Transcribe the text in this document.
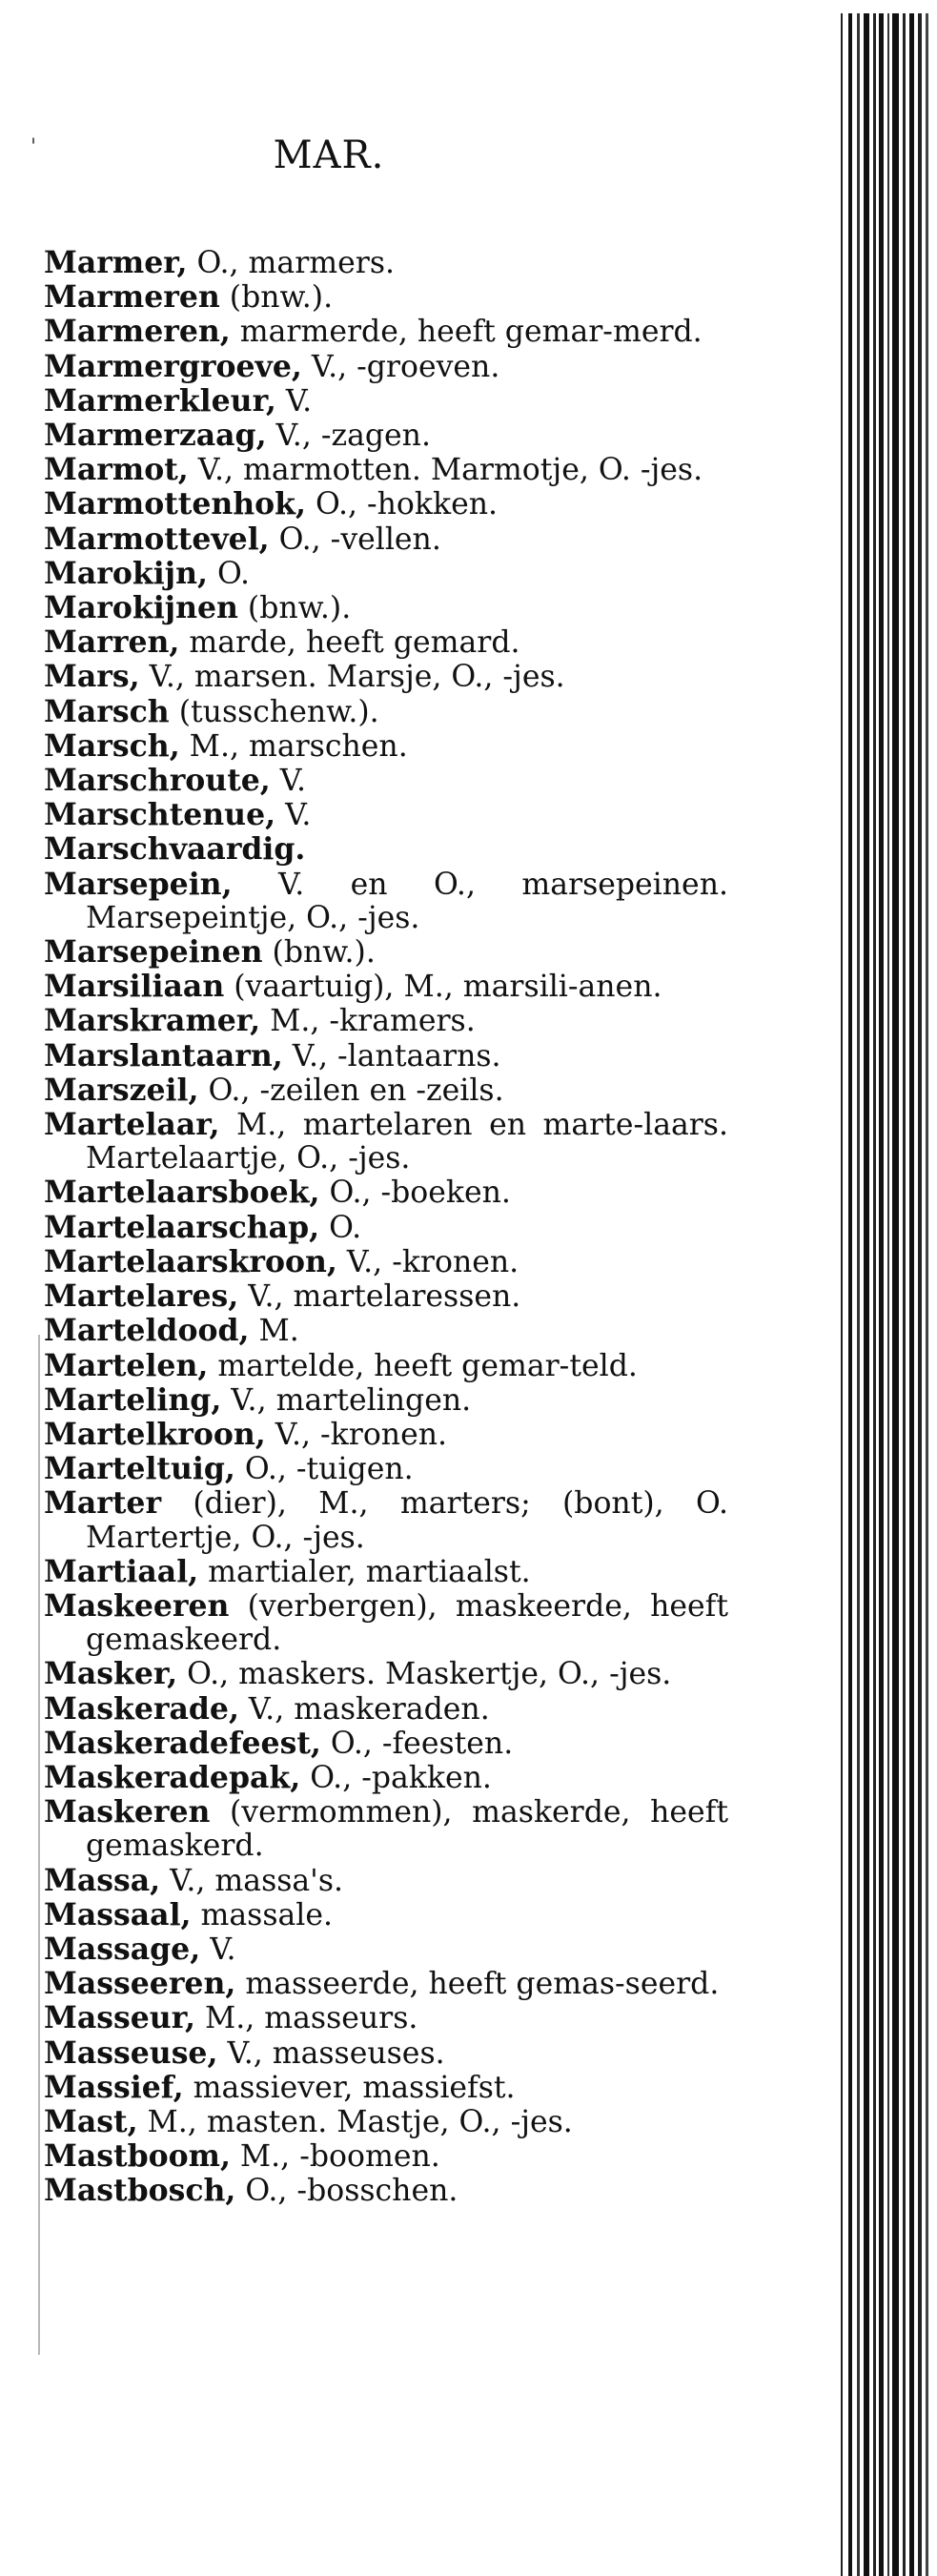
'	MAR.
Marmer, O., marmers.
Marmeren (bnw.).
Marmeren, marmerde, heeft gemar-merd.
Marmergroeve, V., -groeven.
Marmerkleur, V.
Marmerzaag, V., -zagen.
Marmot, V., marmotten. Marmotje, O. -jes.
Marmottenhok, O., -hokken.
Marmottevel, O., -vellen.
Marokijn, O.
Marokijnen (bnw.).
Marren, marde, heeft gemard.
Mars, V., marsen. Marsje, O., -jes.
Marsch (tusschenw.).
Marsch, M., marschen.
Marschroute, V.
Marschtenue, V.
Marschvaardig.
Marsepein, V. en O., marsepeinen. Marsepeintje, O., -jes.
Marsepeinen (bnw.).
Marsiliaan (vaartuig), M., marsili-anen.
Marskramer, M., -kramers.
Marslantaarn, V., -lantaarns.
Marszeil, O., -zeilen en -zeils.
Martelaar, M., martelaren en marte-laars. Martelaartje, O., -jes.
Martelaarsboek, O., -boeken.
Martelaarschap, O.
Martelaarskroon, V., -kronen.
Martelares, V., martelaressen.
Marteldood, M.
Martelen, martelde, heeft gemar-teld.
Marteling, V., martelingen.
Martelkroon, V., -kronen.
Marteltuig, O., -tuigen.
Marter (dier), M., marters; (bont), O. Martertje, O., -jes.
Martiaal, martialer, martiaalst.
Maskeeren (verbergen), maskeerde, heeft gemaskeerd.
Masker, O., maskers. Maskertje, O., -jes.
Maskerade, V., maskeraden.
Maskeradefeest, O., -feesten.
Maskeradepak, O., -pakken.
Maskeren (vermommen), maskerde, heeft gemaskerd.
Massa, V., massa's.
Massaal, massale.
Massage, V.
Masseeren, masseerde, heeft gemas-seerd.
Masseur, M., masseurs.
Masseuse, V., masseuses.
Massief, massiever, massiefst.
Mast, M., masten. Mastje, O., -jes.
Mastboom, M., -boomen.
Mastbosch, O., -bosschen.
